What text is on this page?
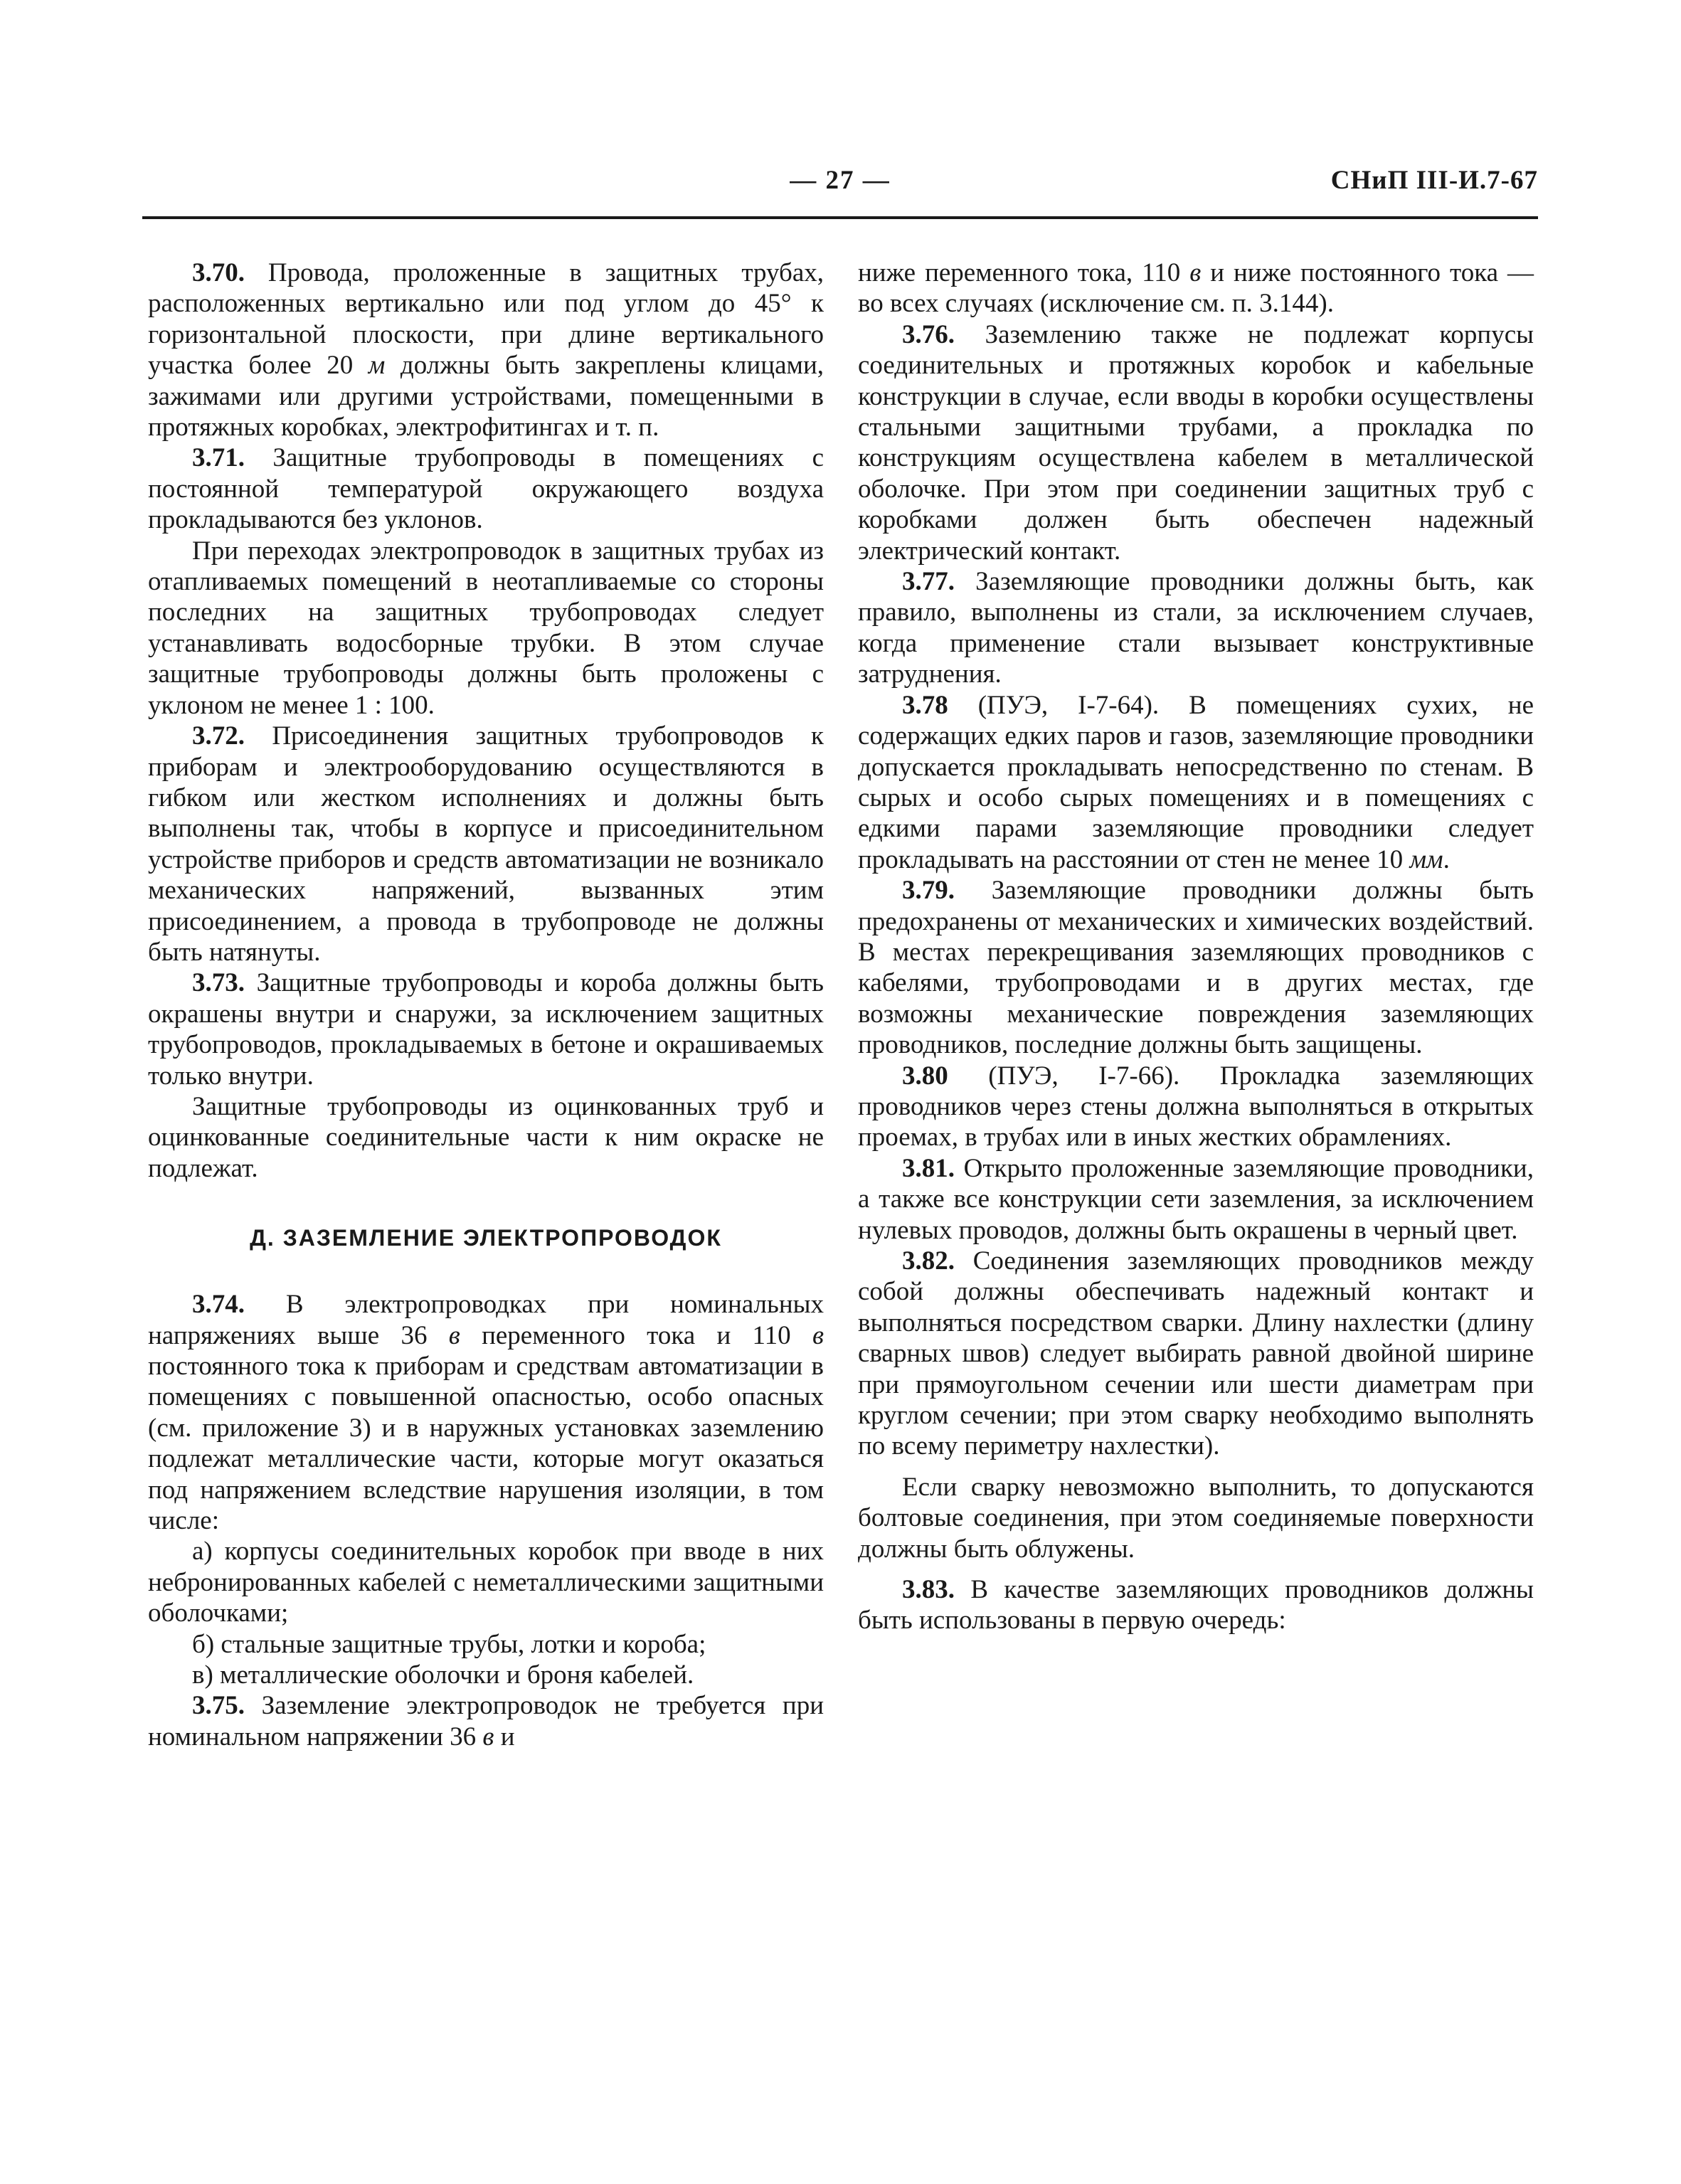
— 27 —	СНиП III-И.7-67

3.70. Провода, проложенные в защитных трубах, расположенных вертикально или под углом до 45° к горизонтальной плоскости, при длине вертикального участка более 20 м должны быть закреплены клицами, зажимами или другими устройствами, помещенными в протяжных коробках, электрофитингах и т. п.

3.71. Защитные трубопроводы в помещениях с постоянной температурой окружающего воздуха прокладываются без уклонов.

При переходах электропроводок в защитных трубах из отапливаемых помещений в неотапливаемые со стороны последних на защитных трубопроводах следует устанавливать водосборные трубки. В этом случае защитные трубопроводы должны быть проложены с уклоном не менее 1 : 100.

3.72. Присоединения защитных трубопроводов к приборам и электрооборудованию осуществляются в гибком или жестком исполнениях и должны быть выполнены так, чтобы в корпусе и присоединительном устройстве приборов и средств автоматизации не возникало механических напряжений, вызванных этим присоединением, а провода в трубопроводе не должны быть натянуты.

3.73. Защитные трубопроводы и короба должны быть окрашены внутри и снаружи, за исключением защитных трубопроводов, прокладываемых в бетоне и окрашиваемых только внутри.

Защитные трубопроводы из оцинкованных труб и оцинкованные соединительные части к ним окраске не подлежат.

Д. ЗАЗЕМЛЕНИЕ ЭЛЕКТРОПРОВОДОК

3.74. В электропроводках при номинальных напряжениях выше 36 в переменного тока и 110 в постоянного тока к приборам и средствам автоматизации в помещениях с повышенной опасностью, особо опасных (см. приложение 3) и в наружных установках заземлению подлежат металлические части, которые могут оказаться под напряжением вследствие нарушения изоляции, в том числе:

а) корпусы соединительных коробок при вводе в них небронированных кабелей с неметаллическими защитными оболочками;

б) стальные защитные трубы, лотки и короба;

в) металлические оболочки и броня кабелей.

3.75. Заземление электропроводок не требуется при номинальном напряжении 36 в и

ниже переменного тока, 110 в и ниже постоянного тока — во всех случаях (исключение см. п. 3.144).

3.76. Заземлению также не подлежат корпусы соединительных и протяжных коробок и кабельные конструкции в случае, если вводы в коробки осуществлены стальными защитными трубами, а прокладка по конструкциям осуществлена кабелем в металлической оболочке. При этом при соединении защитных труб с коробками должен быть обеспечен надежный электрический контакт.

3.77. Заземляющие проводники должны быть, как правило, выполнены из стали, за исключением случаев, когда применение стали вызывает конструктивные затруднения.

3.78 (ПУЭ, I-7-64). В помещениях сухих, не содержащих едких паров и газов, заземляющие проводники допускается прокладывать непосредственно по стенам. В сырых и особо сырых помещениях и в помещениях с едкими парами заземляющие проводники следует прокладывать на расстоянии от стен не менее 10 мм.

3.79. Заземляющие проводники должны быть предохранены от механических и химических воздействий. В местах перекрещивания заземляющих проводников с кабелями, трубопроводами и в других местах, где возможны механические повреждения заземляющих проводников, последние должны быть защищены.

3.80 (ПУЭ, I-7-66). Прокладка заземляющих проводников через стены должна выполняться в открытых проемах, в трубах или в иных жестких обрамлениях.

3.81. Открыто проложенные заземляющие проводники, а также все конструкции сети заземления, за исключением нулевых проводов, должны быть окрашены в черный цвет.

3.82. Соединения заземляющих проводников между собой должны обеспечивать надежный контакт и выполняться посредством сварки. Длину нахлестки (длину сварных швов) следует выбирать равной двойной ширине при прямоугольном сечении или шести диаметрам при круглом сечении; при этом сварку необходимо выполнять по всему периметру нахлестки).

Если сварку невозможно выполнить, то допускаются болтовые соединения, при этом соединяемые поверхности должны быть облужены.

3.83. В качестве заземляющих проводников должны быть использованы в первую очередь:
